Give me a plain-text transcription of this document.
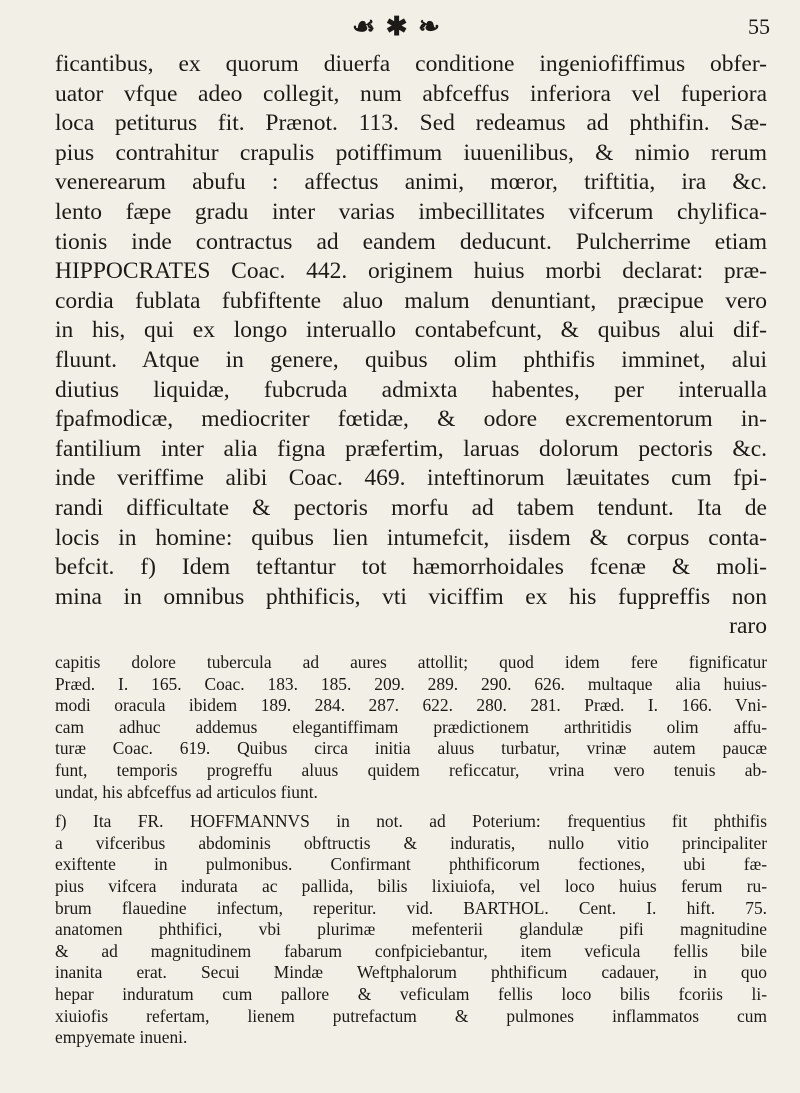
☙ ✱ ❧	55
ficantibus, ex quorum diuerfa conditione ingeniofiffimus obfer-
uator vfque adeo collegit, num abfceffus inferiora vel fuperiora
loca petiturus fit. Prænot. 113. Sed redeamus ad phthifin. Sæ-
pius contrahitur crapulis potiffimum iuuenilibus, & nimio rerum
venerearum abufu : affectus animi, mœror, triftitia, ira &c.
lento fæpe gradu inter varias imbecillitates vifcerum chylifica-
tionis inde contractus ad eandem deducunt. Pulcherrime etiam
HIPPOCRATES Coac. 442. originem huius morbi declarat: præ-
cordia fublata fubfiftente aluo malum denuntiant, præcipue vero
in his, qui ex longo interuallo contabefcunt, & quibus alui dif-
fluunt. Atque in genere, quibus olim phthifis imminet, alui
diutius liquidæ, fubcruda admixta habentes, per interualla
fpafmodicæ, mediocriter fœtidæ, & odore excrementorum in-
fantilium inter alia figna præfertim, laruas dolorum pectoris &c.
inde veriffime alibi Coac. 469. inteftinorum læuitates cum fpi-
randi difficultate & pectoris morfu ad tabem tendunt. Ita de
locis in homine: quibus lien intumefcit, iisdem & corpus conta-
befcit. f) Idem teftantur tot hæmorrhoidales fcenæ & moli-
mina in omnibus phthificis, vti viciffim ex his fuppreffis non
raro
capitis dolore tubercula ad aures attollit; quod idem fere fignificatur
Præd. I. 165. Coac. 183. 185. 209. 289. 290. 626. multaque alia huius-
modi oracula ibidem 189. 284. 287. 622. 280. 281. Præd. I. 166. Vni-
cam adhuc addemus elegantiffimam prædictionem arthritidis olim affu-
turæ Coac. 619. Quibus circa initia aluus turbatur, vrinæ autem paucæ
funt, temporis progreffu aluus quidem reficcatur, vrina vero tenuis ab-
undat, his abfceffus ad articulos fiunt.
f) Ita FR. HOFFMANNVS in not. ad Poterium: frequentius fit phthifis
a vifceribus abdominis obftructis & induratis, nullo vitio principaliter
exiftente in pulmonibus. Confirmant phthificorum fectiones, ubi fæ-
pius vifcera indurata ac pallida, bilis lixiuiofa, vel loco huius ferum ru-
brum flauedine infectum, reperitur. vid. BARTHOL. Cent. I. hift. 75.
anatomen phthifici, vbi plurimæ mefenterii glandulæ pifi magnitudine
& ad magnitudinem fabarum confpiciebantur, item veficula fellis bile
inanita erat. Secui Mindæ Weftphalorum phthificum cadauer, in quo
hepar induratum cum pallore & veficulam fellis loco bilis fcoriis li-
xiuiofis refertam, lienem putrefactum & pulmones inflammatos cum
empyemate inueni.
